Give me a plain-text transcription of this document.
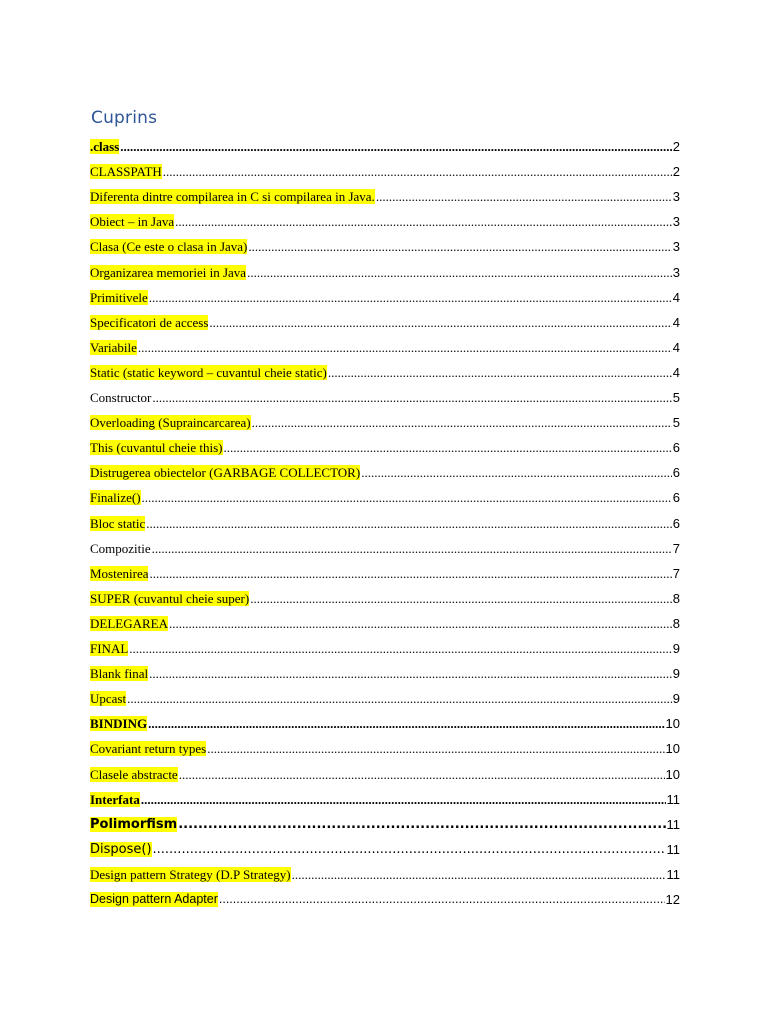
Cuprins
.class .....	2
CLASSPATH .....	2
Diferenta dintre compilarea in C si compilarea in Java. .....	3
Obiect – in Java .....	3
Clasa (Ce este o clasa in Java) .....	3
Organizarea memoriei in Java .....	3
Primitivele .....	4
Specificatori de access .....	4
Variabile .....	4
Static (static keyword – cuvantul cheie static) .....	4
Constructor .....	5
Overloading (Supraincarcarea) .....	5
This (cuvantul cheie this) .....	6
Distrugerea obiectelor (GARBAGE COLLECTOR) .....	6
Finalize() .....	6
Bloc static .....	6
Compozitie .....	7
Mostenirea .....	7
SUPER (cuvantul cheie super) .....	8
DELEGAREA .....	8
FINAL .....	9
Blank final .....	9
Upcast .....	9
BINDING .....	10
Covariant return types .....	10
Clasele abstracte .....	10
Interfata .....	11
Polimorfism .....	11
Dispose() .....	11
Design pattern Strategy (D.P Strategy) .....	11
Design pattern Adapter .....	12
